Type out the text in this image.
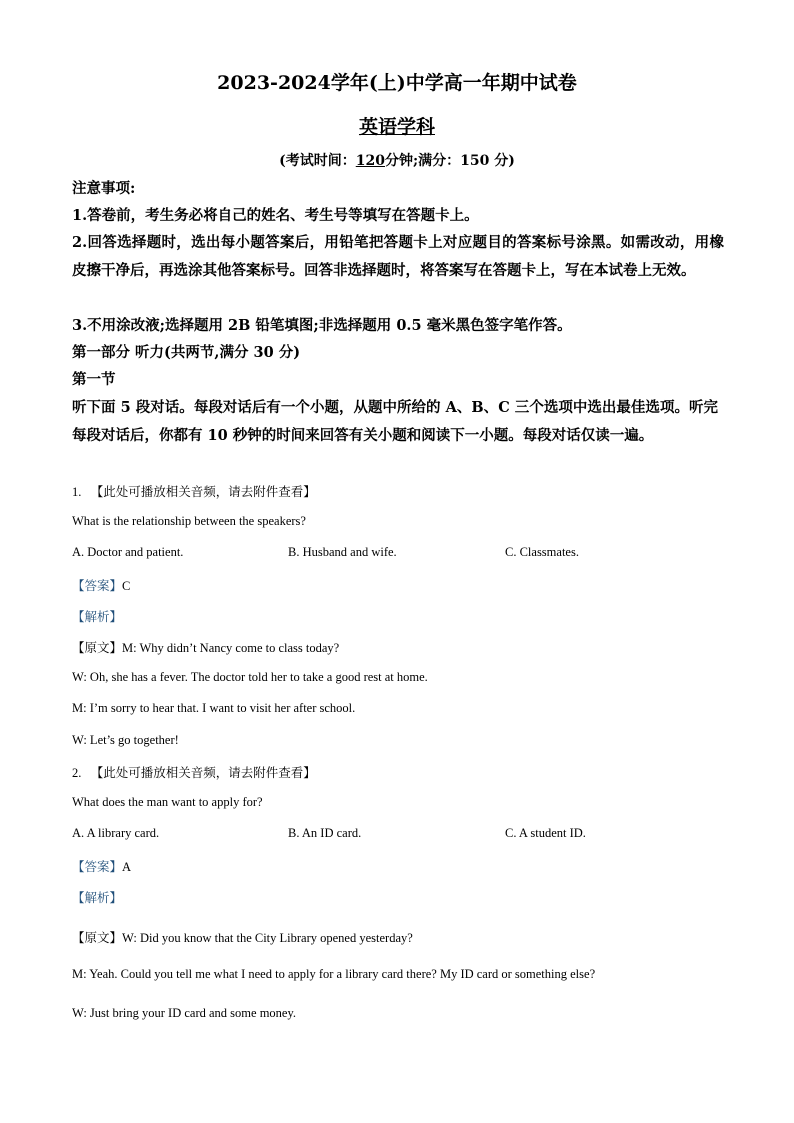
2023-2024学年(上)中学高一年期中试卷
英语学科
(考试时间：120分钟;满分：150 分)
注意事项:
1.答卷前，考生务必将自己的姓名、考生号等填写在答题卡上。
2.回答选择题时，选出每小题答案后，用铅笔把答题卡上对应题目的答案标号涂黑。如需改动，用橡皮擦干净后，再选涂其他答案标号。回答非选择题时，将答案写在答题卡上，写在本试卷上无效。
3.不用涂改液;选择题用 2B 铅笔填图;非选择题用 0.5 毫米黑色签字笔作答。
第一部分 听力(共两节,满分 30 分)
第一节
听下面 5 段对话。每段对话后有一个小题，从题中所给的 A、B、C 三个选项中选出最佳选项。听完每段对话后，你都有 10 秒钟的时间来回答有关小题和阅读下一小题。每段对话仅读一遍。
1. 【此处可播放相关音频，请去附件查看】
What is the relationship between the speakers?
A. Doctor and patient.	B. Husband and wife.	C. Classmates.
【答案】C
【解析】
【原文】M: Why didn’t Nancy come to class today?
W: Oh, she has a fever. The doctor told her to take a good rest at home.
M: I’m sorry to hear that. I want to visit her after school.
W: Let’s go together!
2. 【此处可播放相关音频，请去附件查看】
What does the man want to apply for?
A. A library card.	B. An ID card.	C. A student ID.
【答案】A
【解析】
【原文】W: Did you know that the City Library opened yesterday?
M: Yeah. Could you tell me what I need to apply for a library card there? My ID card or something else?
W: Just bring your ID card and some money.
